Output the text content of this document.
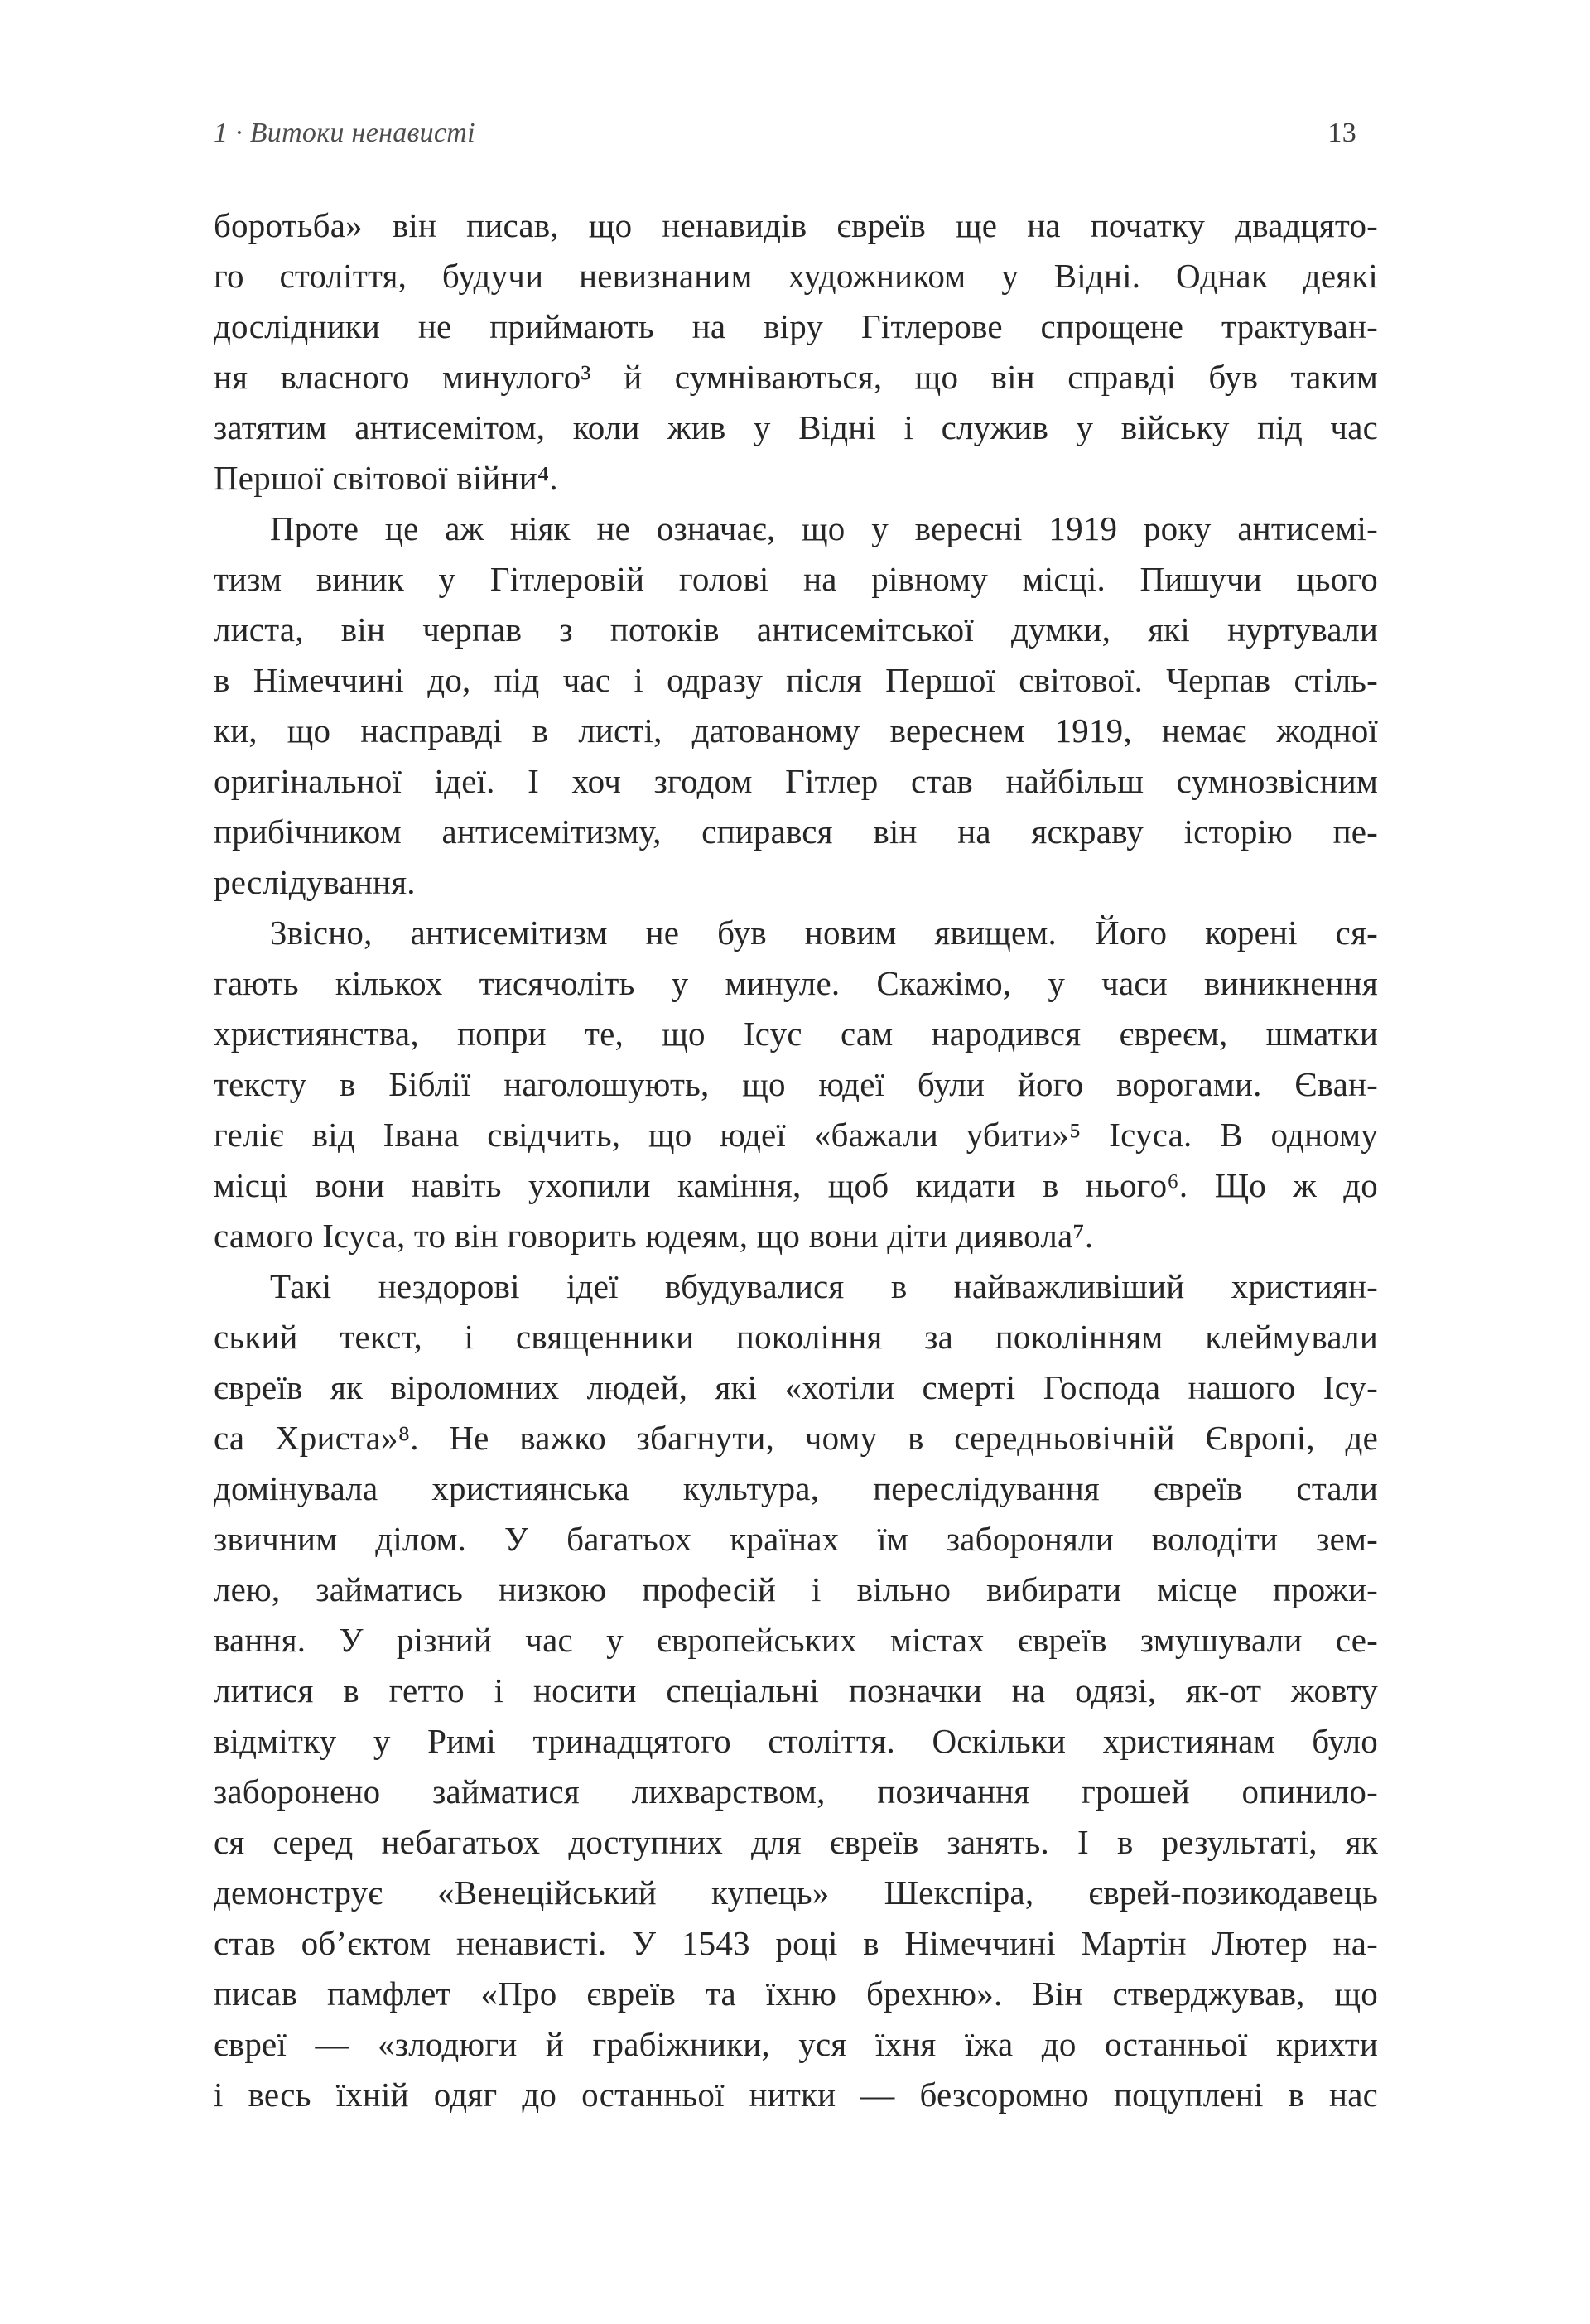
1 · Витоки ненависті	13
боротьба» він писав, що ненавидів євреїв ще на початку двадцято-
го століття, будучи невизнаним художником у Відні. Однак деякі
дослідники не приймають на віру Гітлерове спрощене трактуван-
ня власного минулого³ й сумніваються, що він справді був таким
затятим антисемітом, коли жив у Відні і служив у війську під час
Першої світової війни⁴.
Проте це аж ніяк не означає, що у вересні 1919 року антисемі-
тизм виник у Гітлеровій голові на рівному місці. Пишучи цього
листа, він черпав з потоків антисемітської думки, які нуртували
в Німеччині до, під час і одразу після Першої світової. Черпав стіль-
ки, що насправді в листі, датованому вереснем 1919, немає жодної
оригінальної ідеї. І хоч згодом Гітлер став найбільш сумнозвісним
прибічником антисемітизму, спирався він на яскраву історію пе-
реслідування.
Звісно, антисемітизм не був новим явищем. Його корені ся-
гають кількох тисячоліть у минуле. Скажімо, у часи виникнення
християнства, попри те, що Ісус сам народився євреєм, шматки
тексту в Біблії наголошують, що юдеї були його ворогами. Єван-
геліє від Івана свідчить, що юдеї «бажали убити»⁵ Ісуса. В одному
місці вони навіть ухопили каміння, щоб кидати в нього⁶. Що ж до
самого Ісуса, то він говорить юдеям, що вони діти диявола⁷.
Такі нездорові ідеї вбудувалися в найважливіший християн-
ський текст, і священники покоління за поколінням клеймували
євреїв як віроломних людей, які «хотіли смерті Господа нашого Ісу-
са Христа»⁸. Не важко збагнути, чому в середньовічній Європі, де
домінувала християнська культура, переслідування євреїв стали
звичним ділом. У багатьох країнах їм забороняли володіти зем-
лею, займатись низкою професій і вільно вибирати місце прожи-
вання. У різний час у європейських містах євреїв змушували се-
литися в гетто і носити спеціальні позначки на одязі, як-от жовту
відмітку у Римі тринадцятого століття. Оскільки християнам було
заборонено займатися лихварством, позичання грошей опинило-
ся серед небагатьох доступних для євреїв занять. І в результаті, як
демонструє «Венеційський купець» Шекспіра, єврей-позикодавець
став об’єктом ненависті. У 1543 році в Німеччині Мартін Лютер на-
писав памфлет «Про євреїв та їхню брехню». Він стверджував, що
євреї — «злодюги й грабіжники, уся їхня їжа до останньої крихти
і весь їхній одяг до останньої нитки — безсоромно поцуплені в нас
